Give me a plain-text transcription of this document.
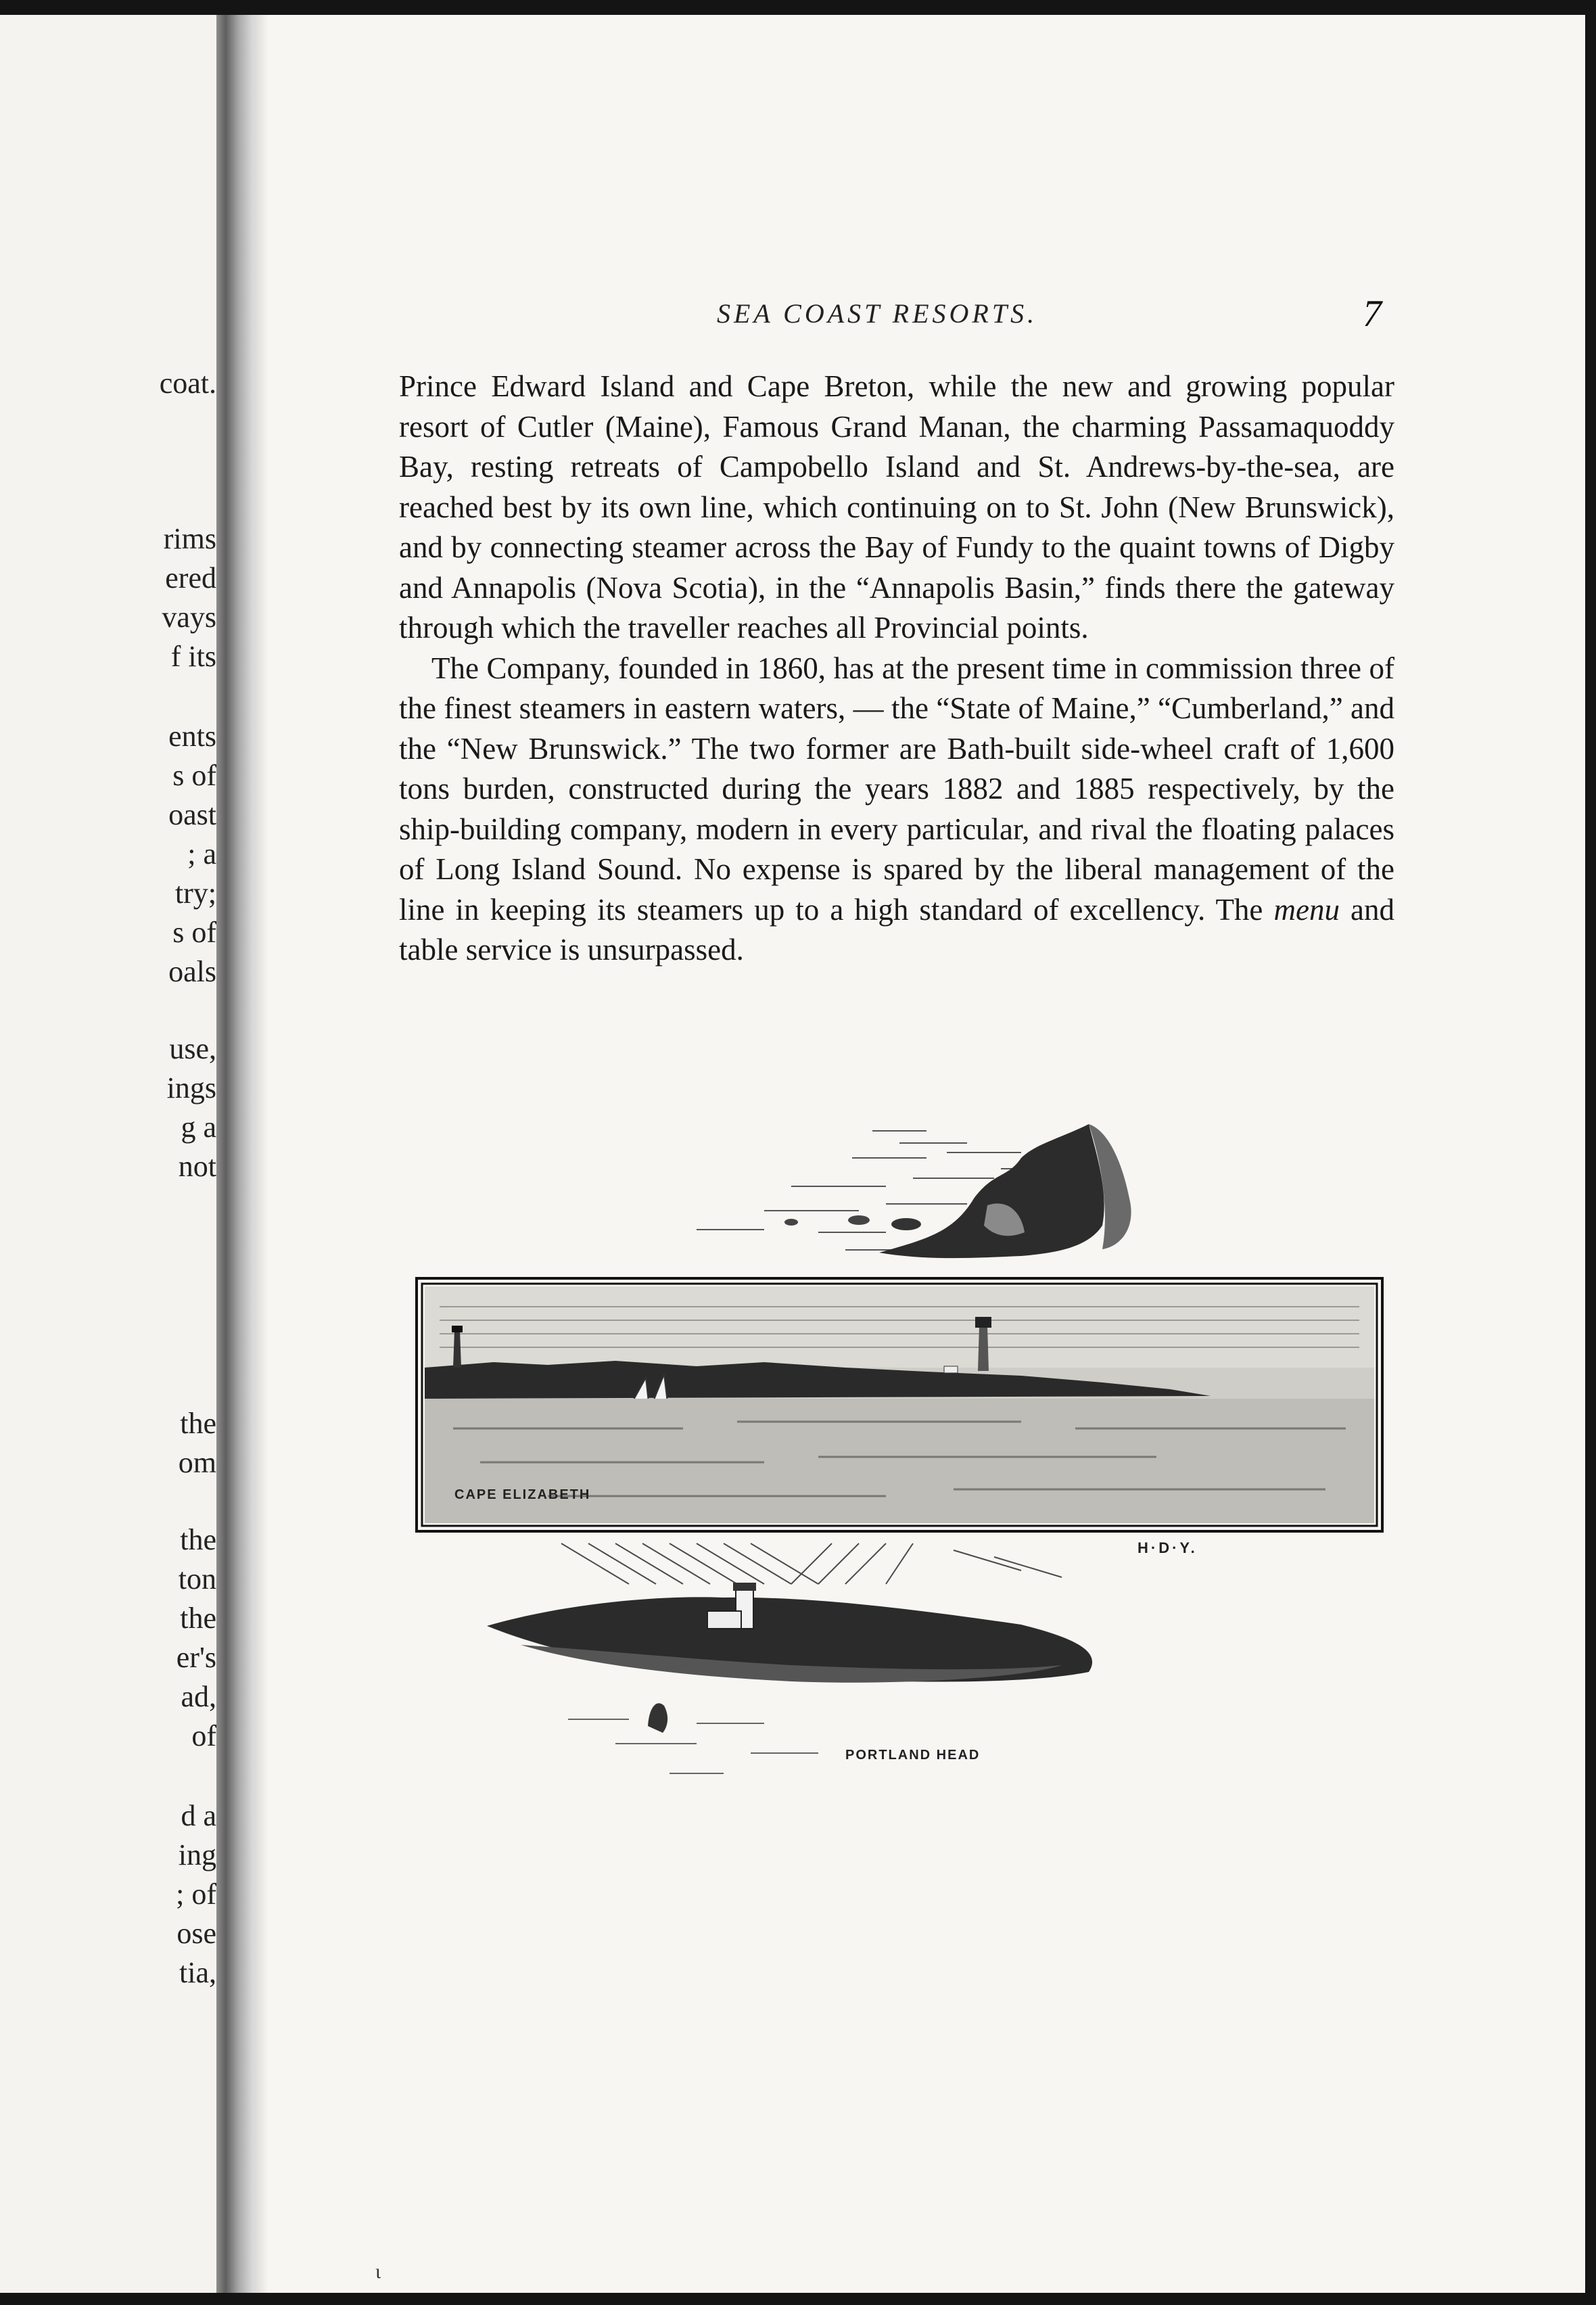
coat.
rims
ered
vays
f its
ents
s of
oast
; a
try;
s of
oals
use,
ings
g a
not
the
om
the
ton
the
er's
ad,
of
d a
ing
; of
ose
tia,
SEA COAST RESORTS.	7

Prince Edward Island and Cape Breton, while the new and growing popular resort of Cutler (Maine), Famous Grand Manan, the charming Passamaquoddy Bay, resting retreats of Campobello Island and St. Andrews-by-the-sea, are reached best by its own line, which continuing on to St. John (New Brunswick), and by connecting steamer across the Bay of Fundy to the quaint towns of Digby and Annapolis (Nova Scotia), in the “Annapolis Basin,” finds there the gateway through which the traveller reaches all Provincial points.

The Company, founded in 1860, has at the present time in commission three of the finest steamers in eastern waters, — the “State of Maine,” “Cumberland,” and the “New Brunswick.” The two former are Bath-built side-wheel craft of 1,600 tons burden, constructed during the years 1882 and 1885 respectively, by the ship-building company, modern in every particular, and rival the floating palaces of Long Island Sound. No expense is spared by the liberal management of the line in keeping its steamers up to a high standard of excellency. The menu and table service is unsurpassed.

CAPE ELIZABETH
PORTLAND HEAD
H·D·Y.
ι
